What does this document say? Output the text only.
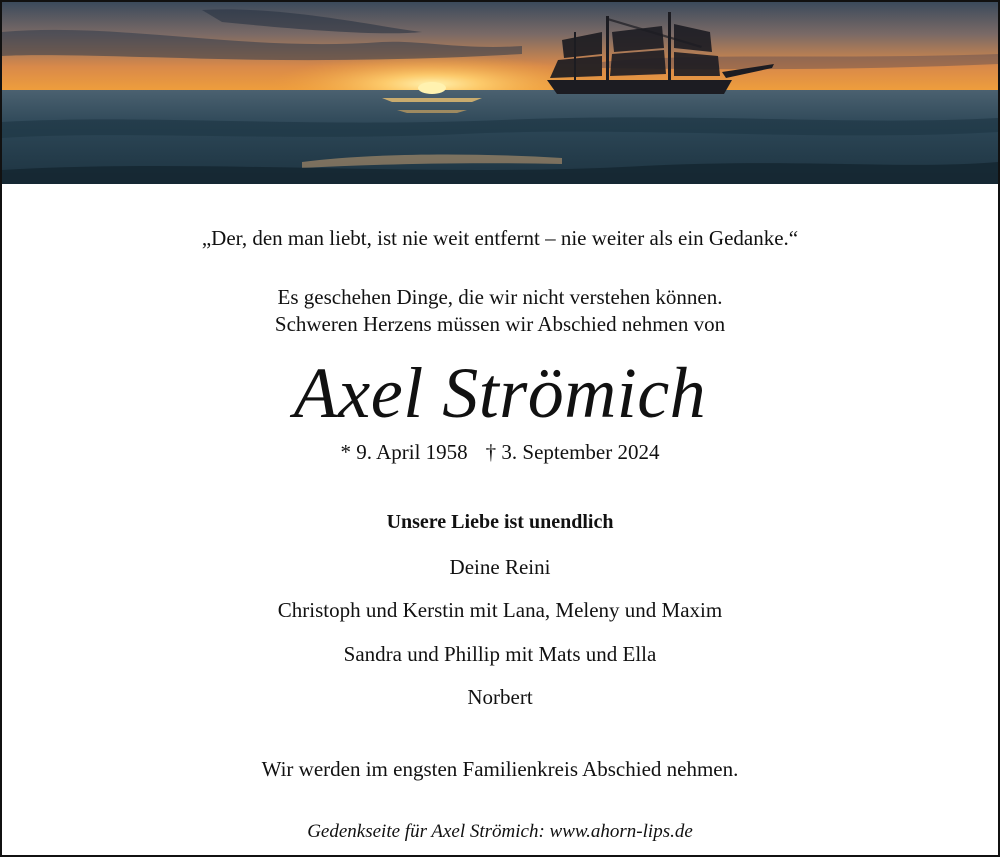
„Der, den man liebt, ist nie weit entfernt – nie weiter als ein Gedanke.“
Es geschehen Dinge, die wir nicht verstehen können.
Schweren Herzens müssen wir Abschied nehmen von
Axel Strömich
* 9. April 1958 † 3. September 2024
Unsere Liebe ist unendlich
Deine Reini
Christoph und Kerstin mit Lana, Meleny und Maxim
Sandra und Phillip mit Mats und Ella
Norbert
Wir werden im engsten Familienkreis Abschied nehmen.
Gedenkseite für Axel Strömich: www.ahorn-lips.de
